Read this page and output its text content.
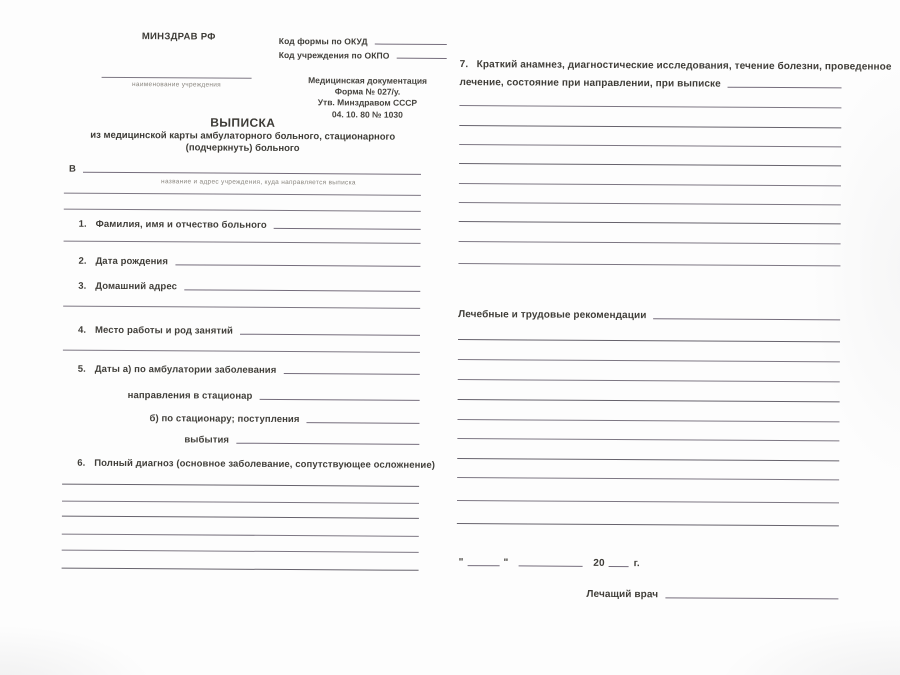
МИНЗДРАВ РФ	Код формы по ОКУД
Код учреждения по ОКПО
наименование учреждения	Медицинская документация
Форма № 027/у.
Утв. Минздравом СССР
04. 10. 80 № 1030
ВЫПИСКА
из медицинской карты амбулаторного больного, стационарного
(подчеркнуть) больного
В
название и адрес учреждения, куда направляется выписка
1. Фамилия, имя и отчество больного
2. Дата рождения
3. Домашний адрес
4. Место работы и род занятий
5. Даты а) по амбулатории заболевания
направления в стационар
б) по стационару; поступления
выбытия
6. Полный диагноз (основное заболевание, сопутствующее осложнение)
7. Краткий анамнез, диагностические исследования, течение болезни, проведенное
лечение, состояние при направлении, при выписке
Лечебные и трудовые рекомендации
"	"	20	г.
Лечащий врач
